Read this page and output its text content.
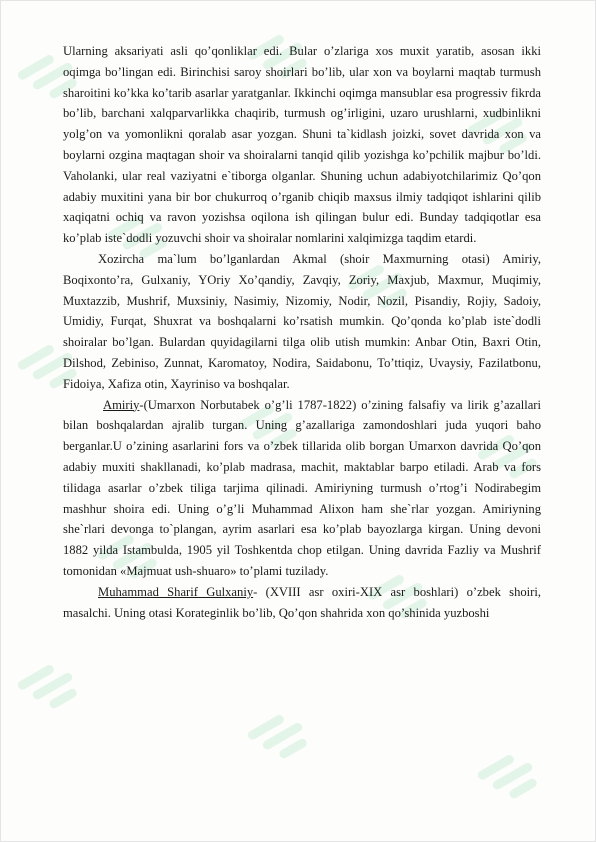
Ularning aksariyati asli qo’qonliklar edi. Bular o’zlariga xos muxit yaratib, asosan ikki oqimga bo’lingan edi. Birinchisi saroy shoirlari bo’lib, ular xon va boylarni maqtab turmush sharoitini ko’kka ko’tarib asarlar yaratganlar. Ikkinchi oqimga mansublar esa progressiv fikrda bo’lib, barchani xalqparvarlikka chaqirib, turmush og’irligini, uzaro urushlarni, xudbinlikni yolg’on va yomonlikni qoralab asar yozgan. Shuni ta`kidlash joizki, sovet davrida xon va boylarni ozgina maqtagan shoir va shoiralarni tanqid qilib yozishga ko’pchilik majbur bo’ldi. Vaholanki, ular real vaziyatni e`tiborga olganlar. Shuning uchun adabiyotchilarimiz Qo’qon adabiy muxitini yana bir bor chukurroq o’rganib chiqib maxsus ilmiy tadqiqot ishlarini qilib xaqiqatni ochiq va ravon yozishsa oqilona ish qilingan bulur edi. Bunday tadqiqotlar esa ko’plab iste`dodli yozuvchi shoir va shoiralar nomlarini xalqimizga taqdim etardi.

Xozircha ma`lum bo’lganlardan Akmal (shoir Maxmurning otasi) Amiriy, Boqixonto’ra, Gulxaniy, YOriy Xo’qandiy, Zavqiy, Zoriy, Maxjub, Maxmur, Muqimiy, Muxtazzib, Mushrif, Muxsiniy, Nasimiy, Nizomiy, Nodir, Nozil, Pisandiy, Rojiy, Sadoiy, Umidiy, Furqat, Shuxrat va boshqalarni ko’rsatish mumkin. Qo’qonda ko’plab iste`dodli shoiralar bo’lgan. Bulardan quyidagilarni tilga olib utish mumkin: Anbar Otin, Baxri Otin, Dilshod, Zebiniso, Zunnat, Karomatoy, Nodira, Saidabonu, To’ttiqiz, Uvaysiy, Fazilatbonu, Fidoiya, Xafiza otin, Xayriniso va boshqalar.

Amiriy-(Umarxon Norbutabek o’g’li 1787-1822) o’zining falsafiy va lirik g’azallari bilan boshqalardan ajralib turgan. Uning g’azallariga zamondoshlari juda yuqori baho berganlar.U o’zining asarlarini fors va o’zbek tillarida olib borgan Umarxon davrida Qo’qon adabiy muxiti shakllanadi, ko’plab madrasa, machit, maktablar barpo etiladi. Arab va fors tilidaga asarlar o’zbek tiliga tarjima qilinadi. Amiriyning turmush o’rtog’i Nodirabegim mashhur shoira edi. Uning o’g’li Muhammad Alixon ham she`rlar yozgan. Amiriyning she`rlari devonga to`plangan, ayrim asarlari esa ko’plab bayozlarga kirgan. Uning devoni 1882 yilda Istambulda, 1905 yil Toshkentda chop etilgan. Uning davrida Fazliy va Mushrif tomonidan «Majmuat ush-shuaro» to’plami tuzilady.

Muhammad Sharif Gulxaniy- (XVIII asr oxiri-XIX asr boshlari) o’zbek shoiri, masalchi. Uning otasi Korateginlik bo’lib, Qo’qon shahrida xon qo’shinida yuzboshi
